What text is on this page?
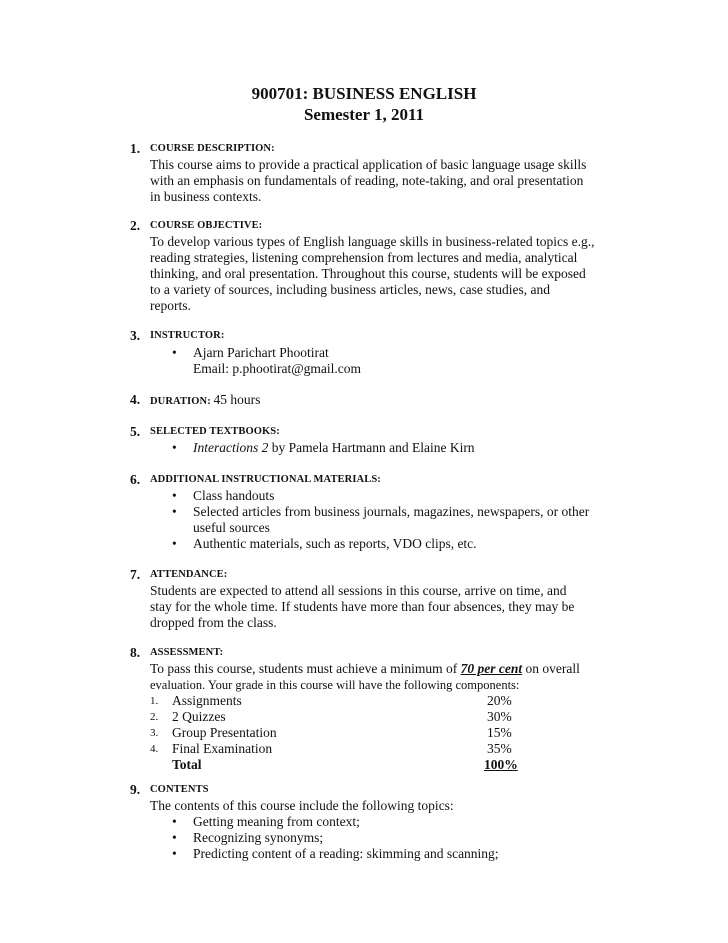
900701: BUSINESS ENGLISH
Semester 1, 2011
1. COURSE DESCRIPTION:
This course aims to provide a practical application of basic language usage skills
with an emphasis on fundamentals of reading, note-taking, and oral presentation
in business contexts.
2. COURSE OBJECTIVE:
To develop various types of English language skills in business-related topics e.g.,
reading strategies, listening comprehension from lectures and media, analytical
thinking, and oral presentation. Throughout this course, students will be exposed
to a variety of sources, including business articles, news, case studies, and
reports.
3. INSTRUCTOR:
• Ajarn Parichart Phootirat
Email: p.phootirat@gmail.com
4. DURATION: 45 hours
5. SELECTED TEXTBOOKS:
• Interactions 2 by Pamela Hartmann and Elaine Kirn
6. ADDITIONAL INSTRUCTIONAL MATERIALS:
• Class handouts
• Selected articles from business journals, magazines, newspapers, or other
useful sources
• Authentic materials, such as reports, VDO clips, etc.
7. ATTENDANCE:
Students are expected to attend all sessions in this course, arrive on time, and
stay for the whole time. If students have more than four absences, they may be
dropped from the class.
8. ASSESSMENT:
To pass this course, students must achieve a minimum of 70 per cent on overall
evaluation. Your grade in this course will have the following components:
1. Assignments	20%
2. 2 Quizzes	30%
3. Group Presentation	15%
4. Final Examination	35%
Total	100%
9. CONTENTS
The contents of this course include the following topics:
• Getting meaning from context;
• Recognizing synonyms;
• Predicting content of a reading: skimming and scanning;
